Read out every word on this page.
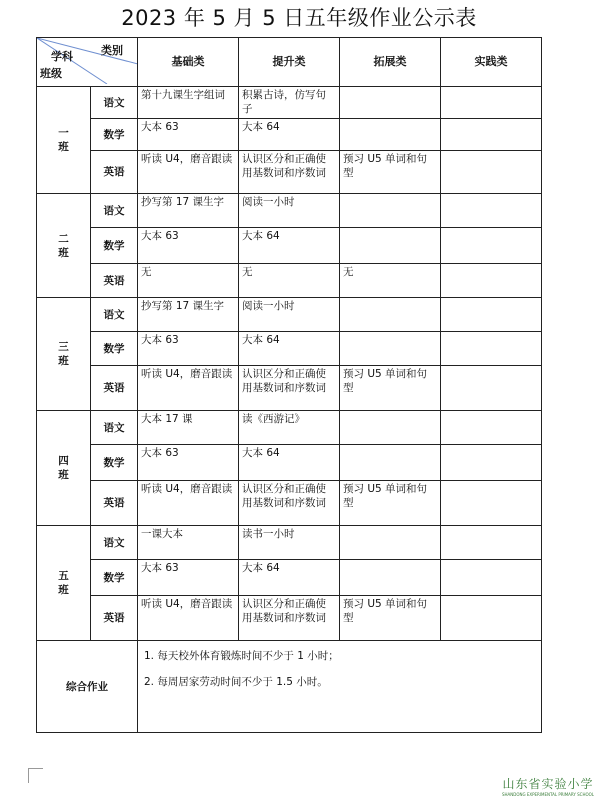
2023 年 5 月 5 日五年级作业公示表
类别
学科
班级		基础类	提升类	拓展类	实践类

一
班	语文	第十九课生字组词	积累古诗，仿写句子		
	数学	大本 63	大本 64		
	英语	听读 U4，磨音跟读	认识区分和正确使用基数词和序数词	预习 U5 单词和句型	

二
班	语文	抄写第 17 课生字	阅读一小时		
	数学	大本 63	大本 64		
	英语	无	无	无	

三
班	语文	抄写第 17 课生字	阅读一小时		
	数学	大本 63	大本 64		
	英语	听读 U4，磨音跟读	认识区分和正确使用基数词和序数词	预习 U5 单词和句型	

四
班	语文	大本 17 课	读《西游记》		
	数学	大本 63	大本 64		
	英语	听读 U4，磨音跟读	认识区分和正确使用基数词和序数词	预习 U5 单词和句型	

五
班	语文	一课大本	读书一小时		
	数学	大本 63	大本 64		
	英语	听读 U4，磨音跟读	认识区分和正确使用基数词和序数词	预习 U5 单词和句型	
综合作业		1. 每天校外体育锻炼时间不少于 1 小时；

2. 每周居家劳动时间不少于 1.5 小时。			

山东省实验小学
SHANDONG EXPERIMENTAL PRIMARY SCHOOL
